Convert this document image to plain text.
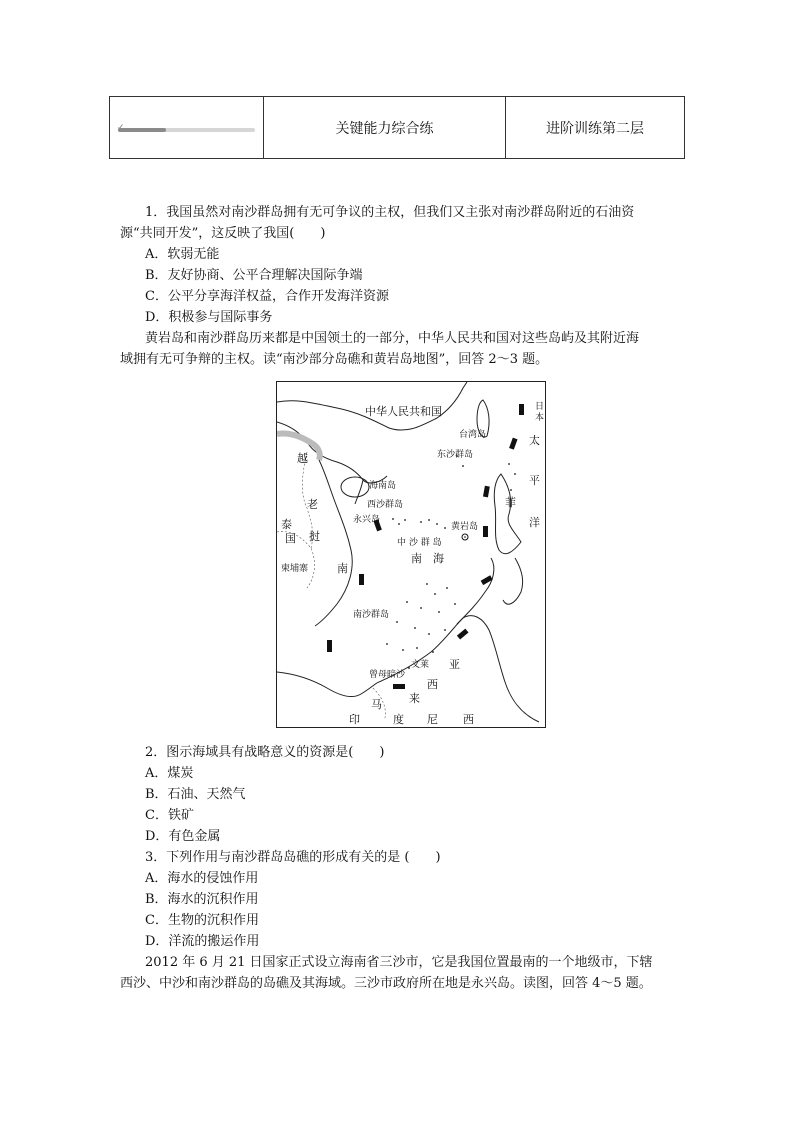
关键能力综合练	进阶训练第二层
1．我国虽然对南沙群岛拥有无可争议的主权，但我们又主张对南沙群岛附近的石油资
源“共同开发”，这反映了我国(　　)
A．软弱无能
B．友好协商、公平合理解决国际争端
C．公平分享海洋权益，合作开发海洋资源
D．积极参与国际事务
黄岩岛和南沙群岛历来都是中国领土的一部分，中华人民共和国对这些岛屿及其附近海
域拥有无可争辩的主权。读“南沙部分岛礁和黄岩岛地图”，回答 2～3 题。
中华人民共和国	日本
台湾岛
东沙群岛
太
平
洋
越
海南岛
西沙群岛
永兴岛
黄岩岛
菲
老
挝
泰
国	中 沙 群 岛
南　海
柬埔寨	南
南沙群岛
文莱
曾母暗沙
亚
西
来
马
印	度 尼 西
2．图示海域具有战略意义的资源是(　　)
A．煤炭
B．石油、天然气
C．铁矿
D．有色金属
3．下列作用与南沙群岛岛礁的形成有关的是 (　　)
A．海水的侵蚀作用
B．海水的沉积作用
C．生物的沉积作用
D．洋流的搬运作用
2012 年 6 月 21 日国家正式设立海南省三沙市，它是我国位置最南的一个地级市，下辖
西沙、中沙和南沙群岛的岛礁及其海域。三沙市政府所在地是永兴岛。读图，回答 4～5 题。
